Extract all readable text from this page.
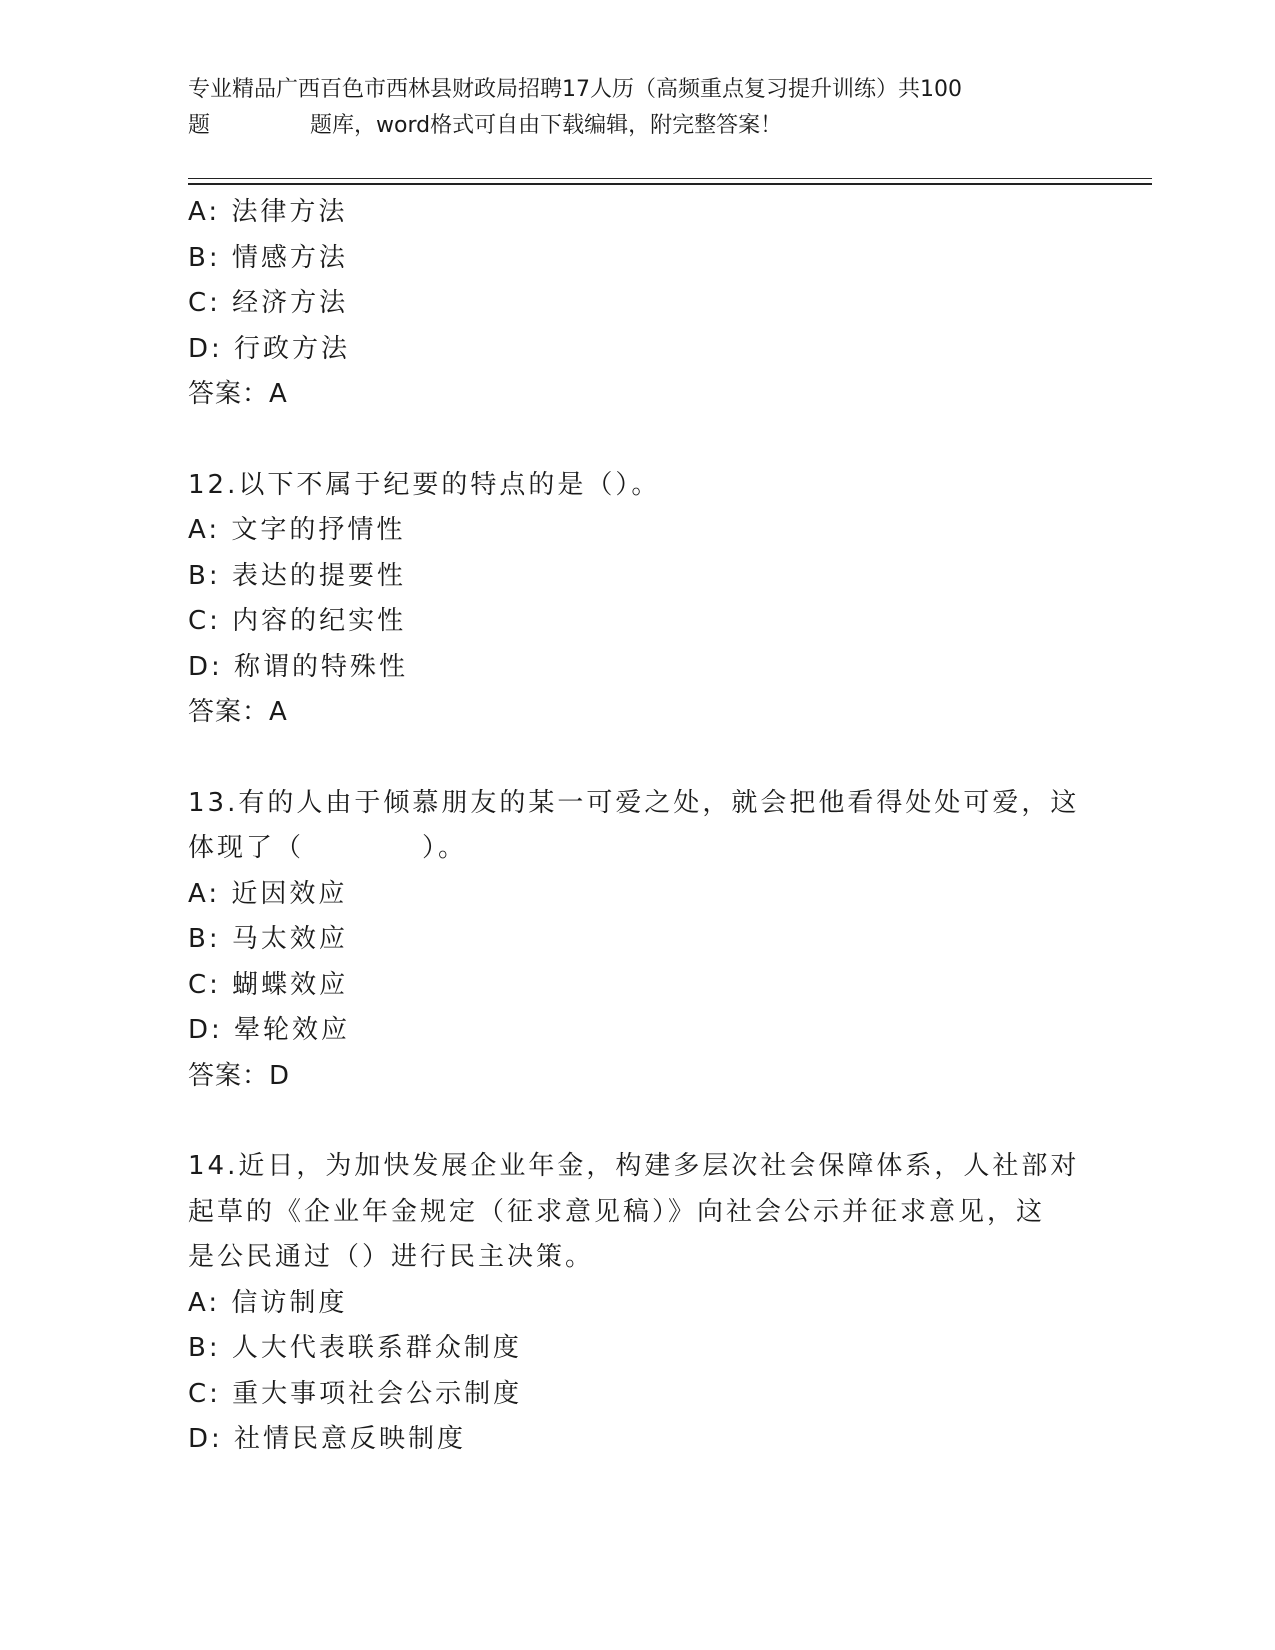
专业精品广西百色市西林县财政局招聘17人历（高频重点复习提升训练）共100
题	题库，word格式可自由下载编辑，附完整答案！
A: 法律方法
B: 情感方法
C: 经济方法
D: 行政方法
答案：A
12.以下不属于纪要的特点的是（）。
A: 文字的抒情性
B: 表达的提要性
C: 内容的纪实性
D: 称谓的特殊性
答案：A
13.有的人由于倾慕朋友的某一可爱之处，就会把他看得处处可爱，这
体现了（	）。
A: 近因效应
B: 马太效应
C: 蝴蝶效应
D: 晕轮效应
答案：D
14.近日，为加快发展企业年金，构建多层次社会保障体系，人社部对
起草的《企业年金规定（征求意见稿）》向社会公示并征求意见，这
是公民通过（）进行民主决策。
A: 信访制度
B: 人大代表联系群众制度
C: 重大事项社会公示制度
D: 社情民意反映制度
